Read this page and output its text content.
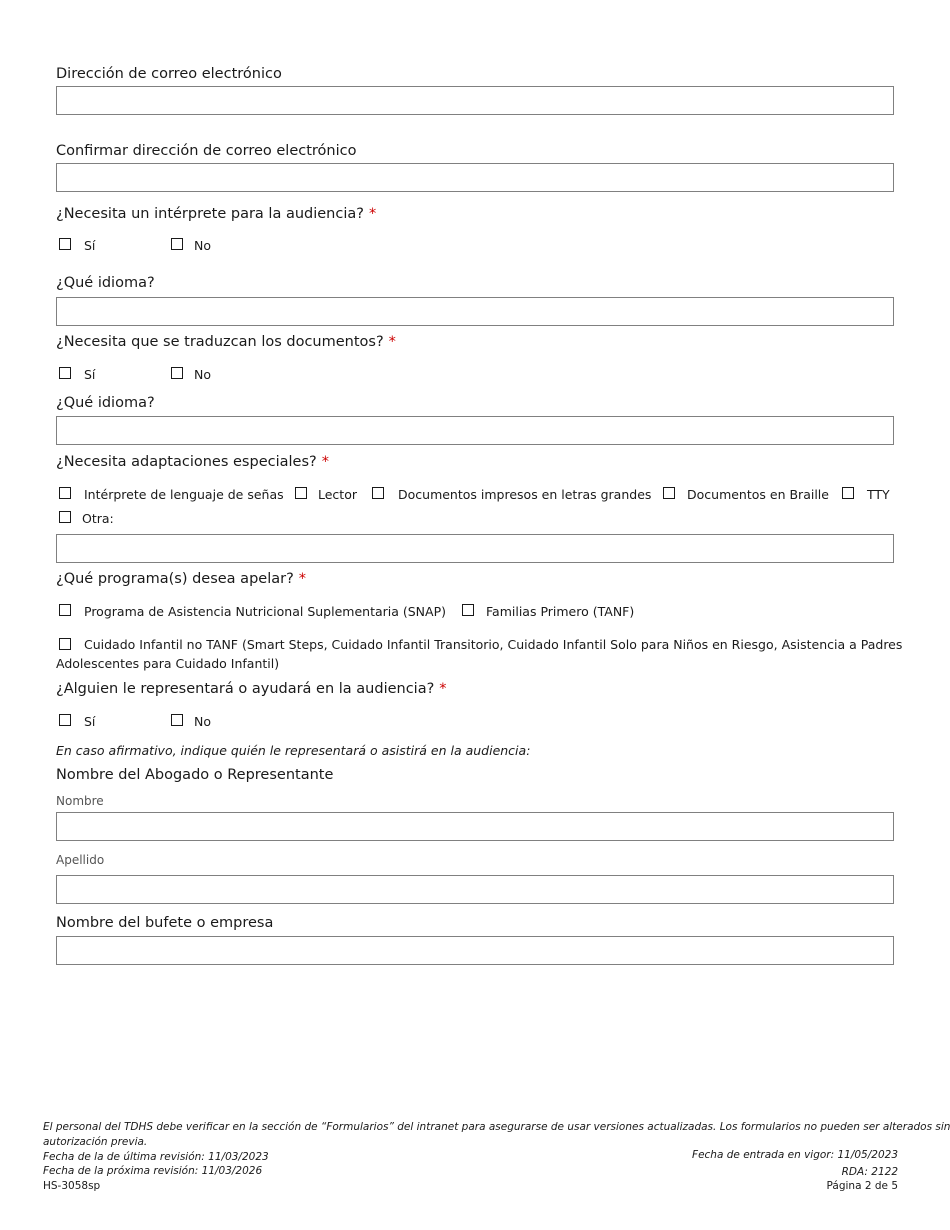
Dirección de correo electrónico
Confirmar dirección de correo electrónico
¿Necesita un intérprete para la audiencia? *
Sí	No
¿Qué idioma?
¿Necesita que se traduzcan los documentos? *
Sí	No
¿Qué idioma?
¿Necesita adaptaciones especiales? *
Intérprete de lenguaje de señas	Lector	Documentos impresos en letras grandes	Documentos en Braille	TTY
Otra:
¿Qué programa(s) desea apelar? *
Programa de Asistencia Nutricional Suplementaria (SNAP)	Familias Primero (TANF)
Cuidado Infantil no TANF (Smart Steps, Cuidado Infantil Transitorio, Cuidado Infantil Solo para Niños en Riesgo, Asistencia a Padres
Adolescentes para Cuidado Infantil)
¿Alguien le representará o ayudará en la audiencia? *
Sí	No
En caso afirmativo, indique quién le representará o asistirá en la audiencia:
Nombre del Abogado o Representante
Nombre
Apellido
Nombre del bufete o empresa
El personal del TDHS debe verificar en la sección de “Formularios” del intranet para asegurarse de usar versiones actualizadas. Los formularios no pueden ser alterados sin
autorización previa.
Fecha de la de última revisión: 11/03/2023
Fecha de la próxima revisión: 11/03/2026
HS-3058sp
Fecha de entrada en vigor: 11/05/2023
RDA: 2122
Página 2 de 5
